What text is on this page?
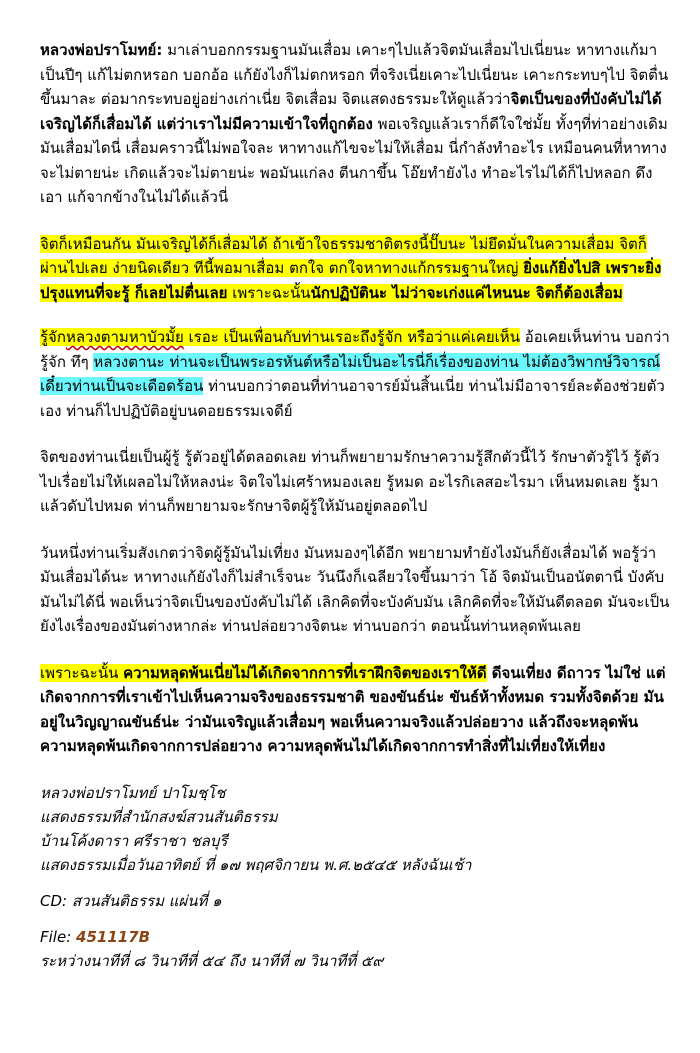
หลวงพ่อปราโมทย์: มาเล่าบอกกรรมฐานมันเสื่อม เคาะๆไปแล้วจิตมันเสื่อมไปเนี่ยนะ หาทางแก้มาเป็นปีๆ แก้ไม่ตกหรอก บอกอ้อ แก้ยังไงก็ไม่ตกหรอก ที่จริงเนี่ยเคาะไปเนี่ยนะ เคาะกระทบๆไป จิตตื่นขึ้นมาละ ต่อมากระทบอยู่อย่างเก่าเนี่ย จิตเสื่อม จิตแสดงธรรมะให้ดูแล้วว่าจิตเป็นของที่บังคับไม่ได้ เจริญได้ก็เสื่อมได้ แต่ว่าเราไม่มีความเข้าใจที่ถูกต้อง พอเจริญแล้วเราก็ดีใจใช่มั้ย ทั้งๆที่ท่าอย่างเดิมมันเสื่อมไดนี่ เสื่อมคราวนี้ไม่พอใจละ หาทางแก้ไขจะไม่ให้เสื่อม นี่กำลังทำอะไร เหมือนคนที่หาทางจะไม่ตายน่ะ เกิดแล้วจะไม่ตายน่ะ พอมันแก่ลง ตีนกาขึ้น โอ๊ยทำยังไง ทำอะไรไม่ได้ก็ไปหลอก ดึงเอา แก้จากข้างในไม่ได้แล้วนี่

จิตก็เหมือนกัน มันเจริญได้ก็เสื่อมได้ ถ้าเข้าใจธรรมชาติตรงนี้ปั๊บนะ ไม่ยึดมั่นในความเสื่อม จิตก็ผ่านไปเลย ง่ายนิดเดียว ทีนี้พอมาเสื่อม ตกใจ ตกใจหาทางแก้กรรมฐานใหญ่ ยิ่งแก้ยิ่งไปสิ เพราะยิ่งปรุงแทนที่จะรู้ ก็เลยไม่ตื่นเลย เพราะฉะนั้นนักปฏิบัตินะ ไม่ว่าจะเก่งแค่ไหนนะ จิตก็ต้องเสื่อม

รู้จักหลวงตามหาบัวมั้ย เรอะ เป็นเพื่อนกับท่านเรอะถึงรู้จัก หรือว่าแค่เคยเห็น อ้อเคยเห็นท่าน บอกว่ารู้จัก ทึๆ หลวงตานะ ท่านจะเป็นพระอรหันต์หรือไม่เป็นอะไรนี่ก็เรื่องของท่าน ไม่ต้องวิพากษ์วิจารณ์ เดี๋ยวท่านเป็นจะเดือดร้อน ท่านบอกว่าตอนที่ท่านอาจารย์มั่นสิ้นเนี่ย ท่านไม่มีอาจารย์ละต้องช่วยตัวเอง ท่านก็ไปปฏิบัติอยู่บนดอยธรรมเจดีย์

จิตของท่านเนี่ยเป็นผู้รู้ รู้ตัวอยู่ได้ตลอดเลย ท่านก็พยายามรักษาความรู้สึกตัวนี้ไว้ รักษาตัวรู้ไว้ รู้ตัวไปเรื่อยไม่ให้เผลอไม่ให้หลงน่ะ จิตใจไม่เศร้าหมองเลย รู้หมด อะไรกิเลสอะไรมา เห็นหมดเลย รู้มาแล้วดับไปหมด ท่านก็พยายามจะรักษาจิตผู้รู้ให้มันอยู่ตลอดไป

วันหนึ่งท่านเริ่มสังเกตว่าจิตผู้รู้มันไม่เที่ยง มันหมองๆได้อีก พยายามทำยังไงมันก็ยังเสื่อมได้ พอรู้ว่ามันเสื่อมได้นะ หาทางแก้ยังไงก็ไม่สำเร็จนะ วันนึงก็เฉลียวใจขึ้นมาว่า โอ้ จิตมันเป็นอนัตตานี่ บังคับมันไม่ได้นี่ พอเห็นว่าจิตเป็นของบังคับไม่ได้ เลิกคิดที่จะบังคับมัน เลิกคิดที่จะให้มันดีตลอด มันจะเป็นยังไงเรื่องของมันต่างหากล่ะ ท่านปล่อยวางจิตนะ ท่านบอกว่า ตอนนั้นท่านหลุดพ้นเลย

เพราะฉะนั้น ความหลุดพ้นเนี่ยไม่ได้เกิดจากการที่เราฝึกจิตของเราให้ดี ดีจนเที่ยง ดีถาวร ไม่ใช่ แต่เกิดจากการที่เราเข้าไปเห็นความจริงของธรรมชาติ ของขันธ์น่ะ ขันธ์ห้าทั้งหมด รวมทั้งจิตด้วย มันอยู่ในวิญญาณขันธ์น่ะ ว่ามันเจริญแล้วเสื่อมๆ พอเห็นความจริงแล้วปล่อยวาง แล้วถึงจะหลุดพ้น ความหลุดพ้นเกิดจากการปล่อยวาง ความหลุดพ้นไม่ได้เกิดจากการทำสิ่งที่ไม่เที่ยงให้เที่ยง

หลวงพ่อปราโมทย์ ปาโมชฺโช
แสดงธรรมที่สำนักสงฆ์สวนสันติธรรม
บ้านโค้งดารา ศรีราชา ชลบุรี
แสดงธรรมเมื่อวันอาทิตย์ ที่ ๑๗ พฤศจิกายน พ.ศ.๒๕๔๕ หลังฉันเช้า
CD: สวนสันติธรรม แผ่นที่ ๑
File: 451117B
ระหว่างนาทีที่ ๘ วินาทีที่ ๕๔ ถึง นาทีที่ ๗ วินาทีที่ ๕๙
